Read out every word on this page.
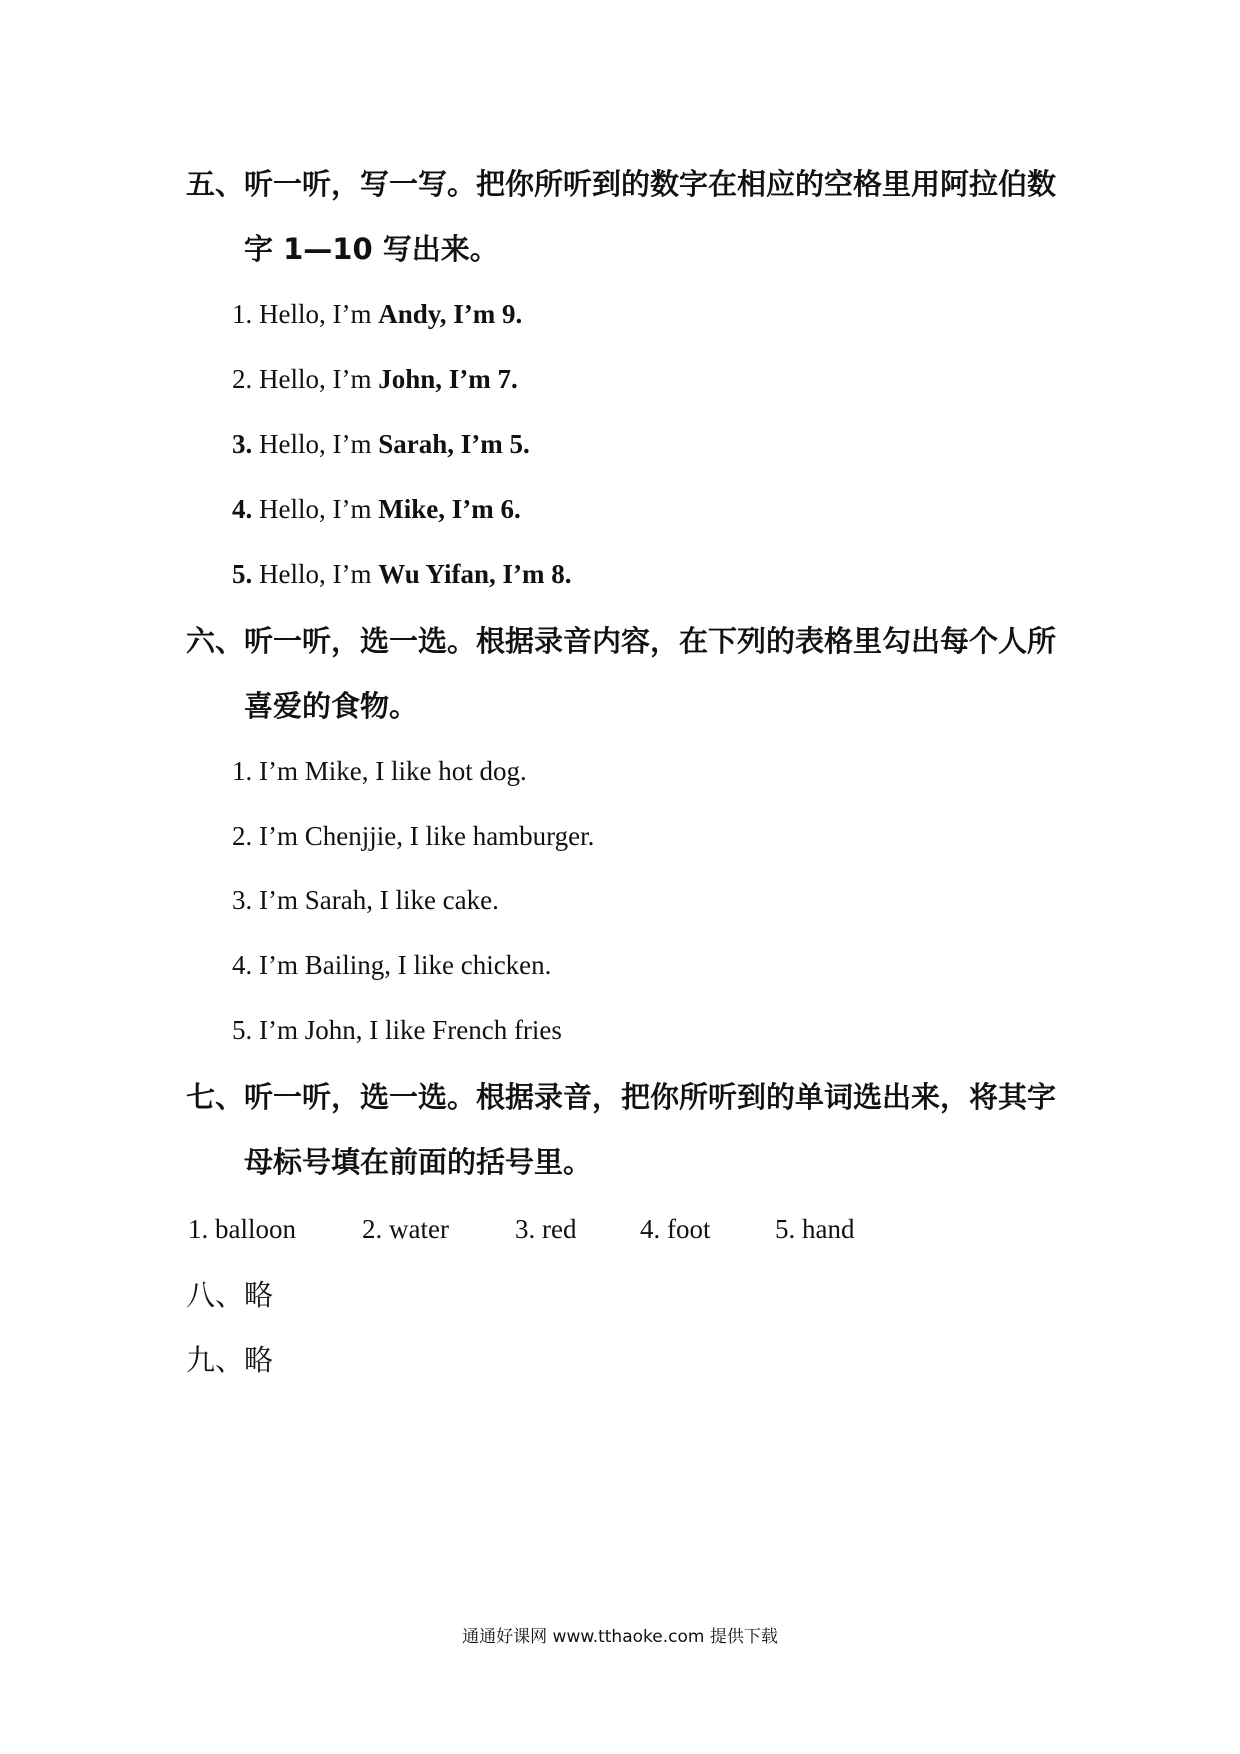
五、听一听，写一写。把你所听到的数字在相应的空格里用阿拉伯数
字 1—10 写出来。
1. Hello, I’m Andy, I’m 9.
2. Hello, I’m John, I’m 7.
3. Hello, I’m Sarah, I’m 5.
4. Hello, I’m Mike, I’m 6.
5. Hello, I’m Wu Yifan, I’m 8.
六、听一听，选一选。根据录音内容，在下列的表格里勾出每个人所
喜爱的食物。
1. I’m Mike, I like hot dog.
2. I’m Chenjjie, I like hamburger.
3. I’m Sarah, I like cake.
4. I’m Bailing, I like chicken.
5. I’m John, I like French fries
七、听一听，选一选。根据录音，把你所听到的单词选出来，将其字
母标号填在前面的括号里。
1. balloon 2. water 3. red 4. foot 5. hand
八、略
九、略
通通好课网 www.tthaoke.com 提供下载
